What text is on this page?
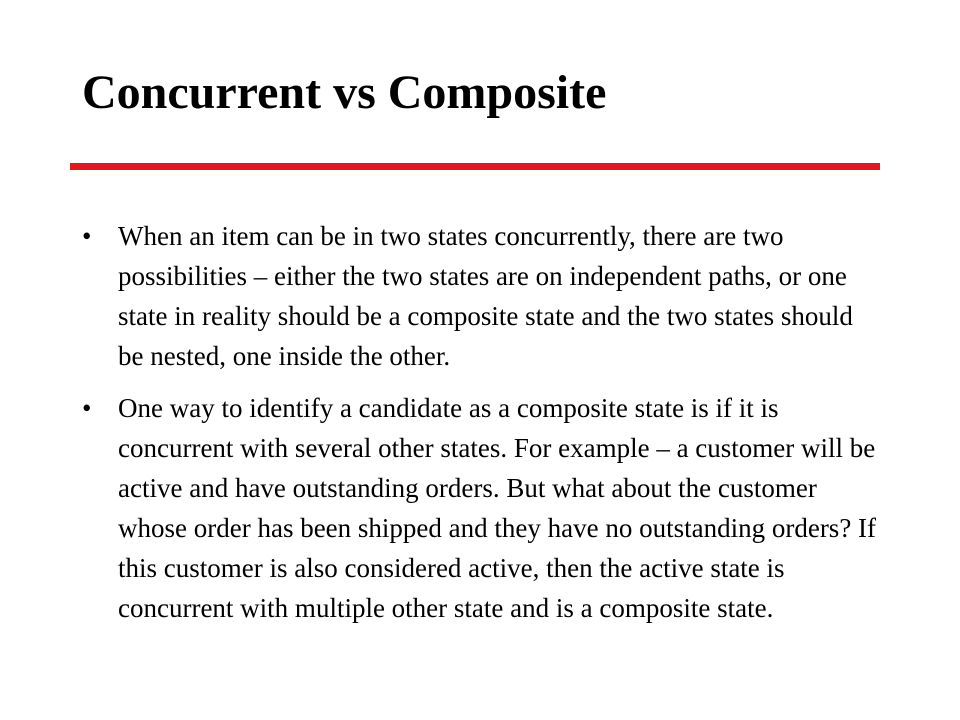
Concurrent vs Composite
• When an item can be in two states concurrently, there are two possibilities – either the two states are on independent paths, or one state in reality should be a composite state and the two states should be nested, one inside the other.
• One way to identify a candidate as a composite state is if it is concurrent with several other states. For example – a customer will be active and have outstanding orders. But what about the customer whose order has been shipped and they have no outstanding orders? If this customer is also considered active, then the active state is concurrent with multiple other state and is a composite state.
